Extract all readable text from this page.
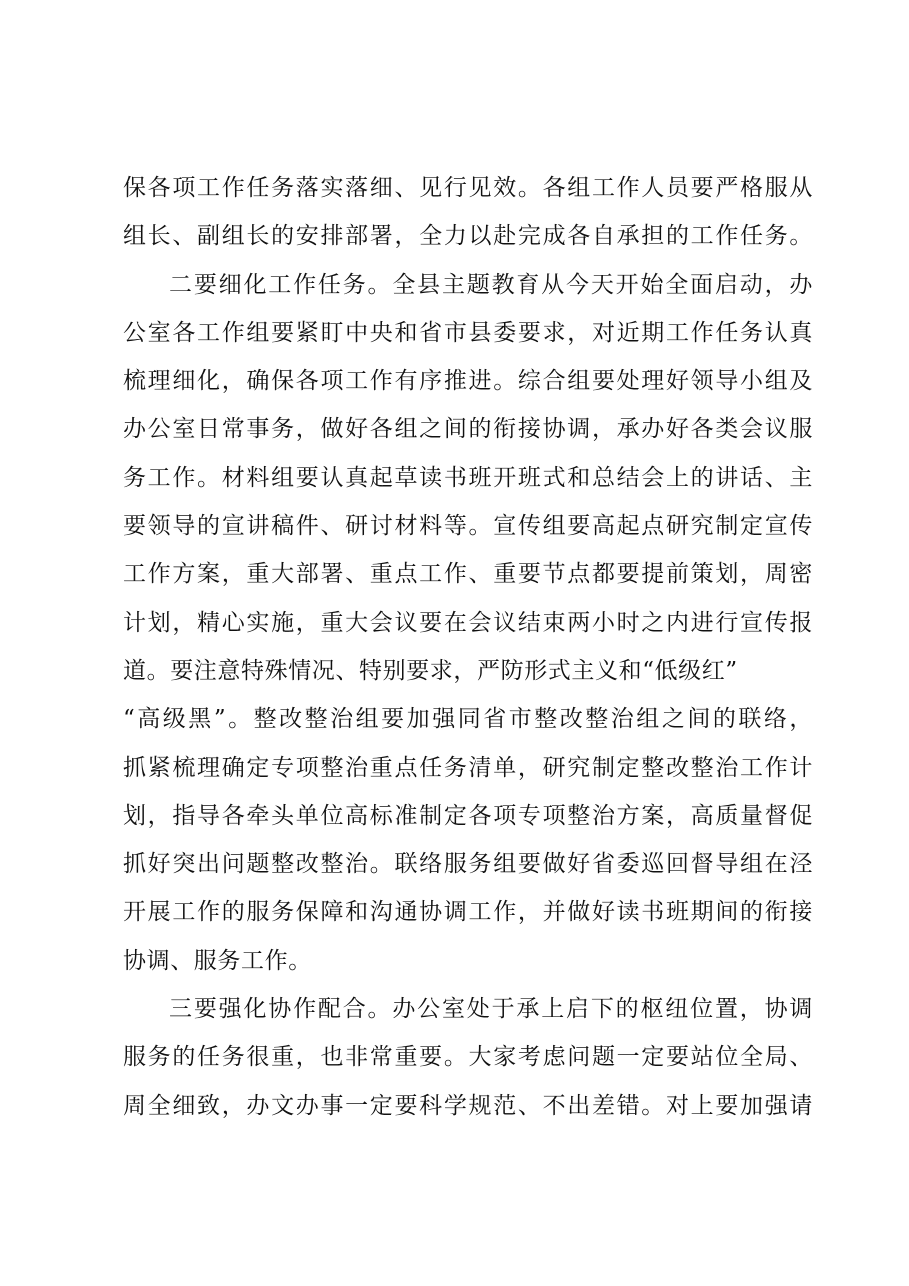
保各项工作任务落实落细、见行见效。各组工作人员要严格服从
组长、副组长的安排部署，全力以赴完成各自承担的工作任务。
二要细化工作任务。全县主题教育从今天开始全面启动，办
公室各工作组要紧盯中央和省市县委要求，对近期工作任务认真
梳理细化，确保各项工作有序推进。综合组要处理好领导小组及
办公室日常事务，做好各组之间的衔接协调，承办好各类会议服
务工作。材料组要认真起草读书班开班式和总结会上的讲话、主
要领导的宣讲稿件、研讨材料等。宣传组要高起点研究制定宣传
工作方案，重大部署、重点工作、重要节点都要提前策划，周密
计划，精心实施，重大会议要在会议结束两小时之内进行宣传报
道。要注意特殊情况、特别要求，严防形式主义和“低级红”
“高级黑”。整改整治组要加强同省市整改整治组之间的联络，
抓紧梳理确定专项整治重点任务清单，研究制定整改整治工作计
划，指导各牵头单位高标准制定各项专项整治方案，高质量督促
抓好突出问题整改整治。联络服务组要做好省委巡回督导组在泾
开展工作的服务保障和沟通协调工作，并做好读书班期间的衔接
协调、服务工作。
三要强化协作配合。办公室处于承上启下的枢纽位置，协调
服务的任务很重，也非常重要。大家考虑问题一定要站位全局、
周全细致，办文办事一定要科学规范、不出差错。对上要加强请
